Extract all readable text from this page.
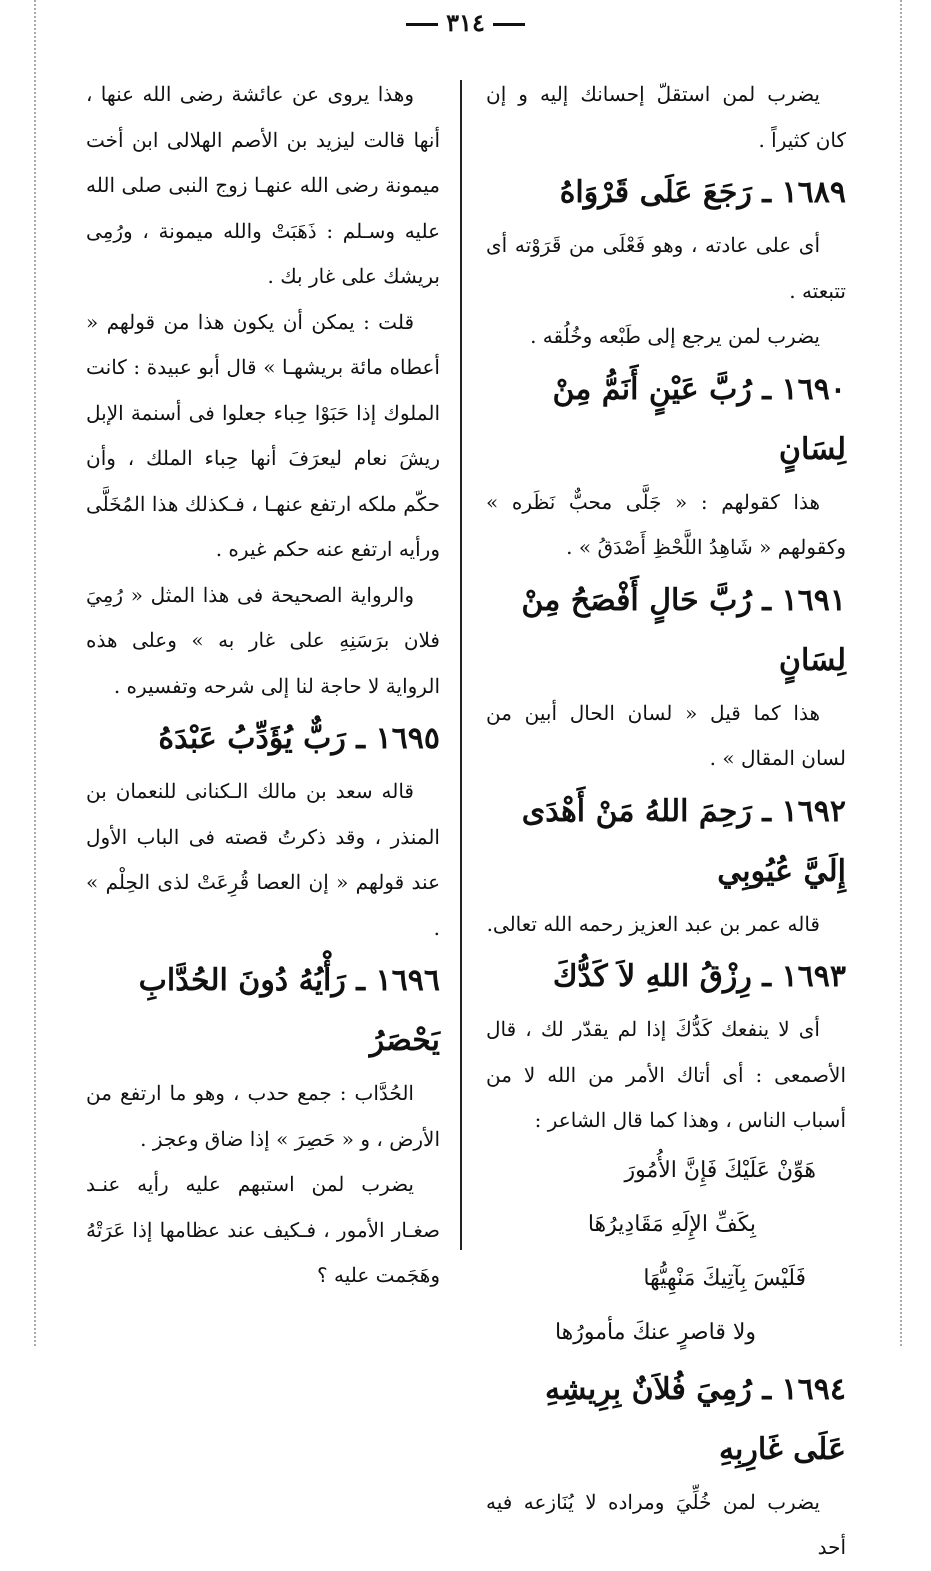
٣١٤

يضرب لمن استقلّ إحسانك إليه و إن كان كثيراً .

١٦٨٩ ـ رَجَعَ عَلَى قَرْوَاهُ

أى على عادته ، وهو فَعْلَى من قَرَوْته أى تتبعته .

يضرب لمن يرجع إلى طَبْعه وخُلُقه .

١٦٩٠ ـ رُبَّ عَيْنٍ أَنَمُّ مِنْ لِسَانٍ

هذا كقولهم : « جَلَّى محبٌّ نَظَره » وكقولهم « شَاهِدُ اللَّحْظِ أَصْدَقُ » .

١٦٩١ ـ رُبَّ حَالٍ أَفْصَحُ مِنْ لِسَانٍ

هذا كما قيل « لسان الحال أبين من لسان المقال » .

١٦٩٢ ـ رَحِمَ اللهُ مَنْ أَهْدَى إِلَيَّ عُيُوبِي

قاله عمر بن عبد العزيز رحمه الله تعالى.

١٦٩٣ ـ رِزْقُ اللهِ لاَ كَدُّكَ

أى لا ينفعك كَدُّكَ إذا لم يقدّر لك ، قال الأصمعى : أى أتاك الأمر من الله لا من أسباب الناس ، وهذا كما قال الشاعر :

هَوِّنْ عَلَيْكَ فَإِنَّ الأُمُورَ

بِكَفِّ الإِلَهِ مَقَادِيرُهَا

فَلَيْسَ بِآتِيكَ مَنْهِيُّهَا

ولا قاصرٍ عنكَ مأمورُها

١٦٩٤ ـ رُمِيَ فُلاَنٌ بِرِيشِهِ عَلَى غَارِبِهِ

يضرب لمن خُلِّيَ ومراده لا يُنَازعه فيه أحد

وهذا يروى عن عائشة رضى الله عنها ، أنها قالت ليزيد بن الأصم الهلالى ابن أخت ميمونة رضى الله عنهـا زوج النبى صلى الله عليه وسـلم : ذَهَبَتْ والله ميمونة ، ورُمِى بريشك على غار بك .

قلت : يمكن أن يكون هذا من قولهم « أعطاه مائة بريشهـا » قال أبو عبيدة : كانت الملوك إذا حَبَوْا حِباء جعلوا فى أسنمة الإبل ريشَ نعام ليعرَفَ أنها حِباء الملك ، وأن حكّم ملكه ارتفع عنهـا ، فـكذلك هذا المُخَلَّى ورأيه ارتفع عنه حكم غيره .

والرواية الصحيحة فى هذا المثل « رُمِيَ فلان برَسَنِهِ على غار به » وعلى هذه الرواية لا حاجة لنا إلى شرحه وتفسيره .

١٦٩٥ ـ رَبٌّ يُؤَدِّبُ عَبْدَهُ

قاله سعد بن مالك الـكنانى للنعمان بن المنذر ، وقد ذكرتُ قصته فى الباب الأول عند قولهم « إن العصا قُرِعَتْ لذى الحِلْم » .

١٦٩٦ ـ رَأْيُهُ دُونَ الحُدَّابِ يَحْصَرُ

الحُدَّاب : جمع حدب ، وهو ما ارتفع من الأرض ، و « حَصِرَ » إذا ضاق وعجز .

يضرب لمن استبهم عليه رأيه عنـد صغـار الأمور ، فـكيف عند عظامها إذا عَرَتْهُ وهَجَمت عليه ؟
